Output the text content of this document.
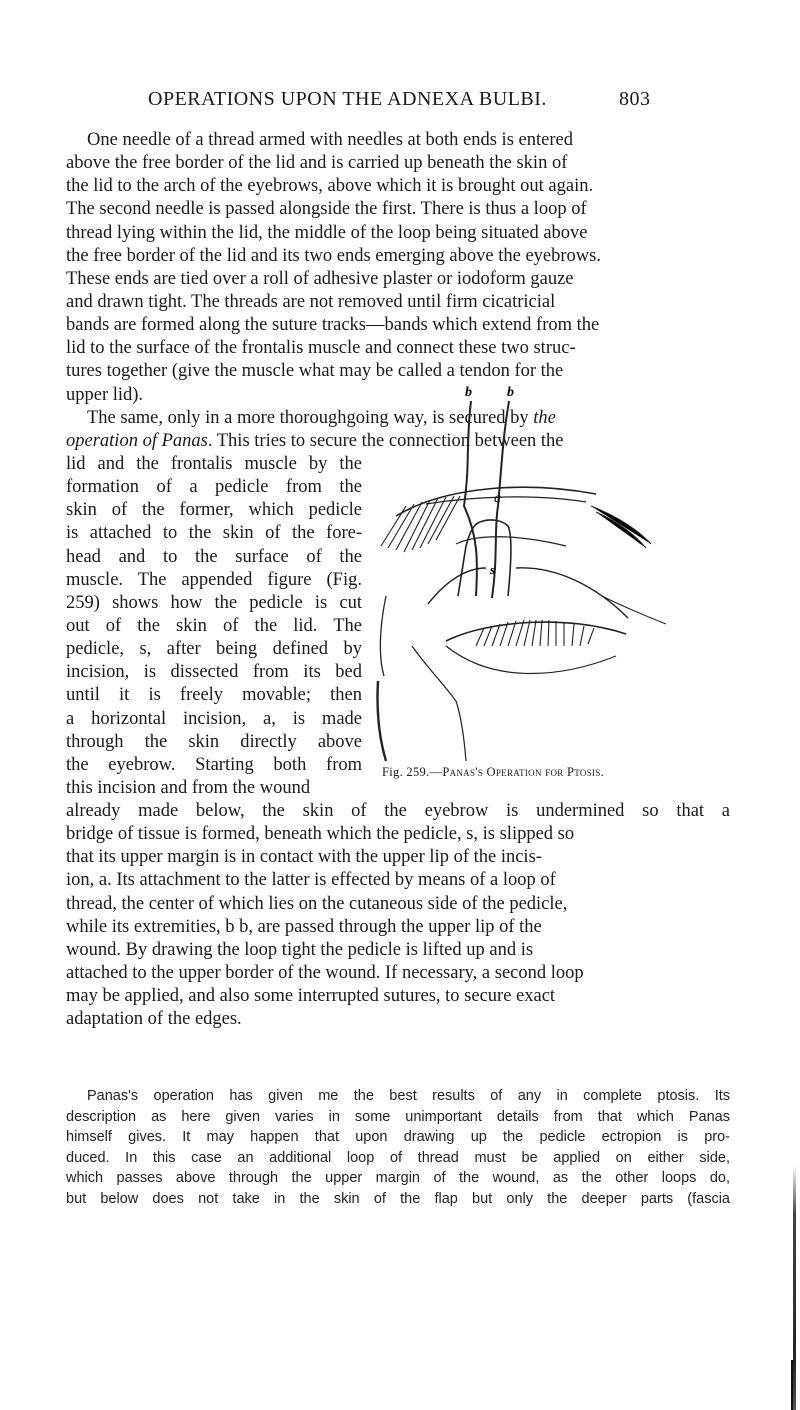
OPERATIONS UPON THE ADNEXA BULBI.	803
One needle of a thread armed with needles at both ends is entered
above the free border of the lid and is carried up beneath the skin of
the lid to the arch of the eyebrows, above which it is brought out again.
The second needle is passed alongside the first. There is thus a loop of
thread lying within the lid, the middle of the loop being situated above
the free border of the lid and its two ends emerging above the eyebrows.
These ends are tied over a roll of adhesive plaster or iodoform gauze
and drawn tight. The threads are not removed until firm cicatricial
bands are formed along the suture tracks—bands which extend from the
lid to the surface of the frontalis muscle and connect these two struc-
tures together (give the muscle what may be called a tendon for the
upper lid).
The same, only in a more thoroughgoing way, is secured by the
operation of Panas. This tries to secure the connection between the
lid and the frontalis muscle by the
formation of a pedicle from the
skin of the former, which pedicle
is attached to the skin of the fore-
head and to the surface of the
muscle. The appended figure (Fig.
259) shows how the pedicle is cut
out of the skin of the lid. The
pedicle, s, after being defined by
incision, is dissected from its bed
until it is freely movable; then
a horizontal incision, a, is made
through the skin directly above
the eyebrow. Starting both from
this incision and from the wound
b	b
a
s
Fig. 259.—Panas's Operation for Ptosis.
already made below, the skin of the eyebrow is undermined so that a
bridge of tissue is formed, beneath which the pedicle, s, is slipped so
that its upper margin is in contact with the upper lip of the incis-
ion, a. Its attachment to the latter is effected by means of a loop of
thread, the center of which lies on the cutaneous side of the pedicle,
while its extremities, b b, are passed through the upper lip of the
wound. By drawing the loop tight the pedicle is lifted up and is
attached to the upper border of the wound. If necessary, a second loop
may be applied, and also some interrupted sutures, to secure exact
adaptation of the edges.
Panas's operation has given me the best results of any in complete ptosis. Its
description as here given varies in some unimportant details from that which Panas
himself gives. It may happen that upon drawing up the pedicle ectropion is pro-
duced. In this case an additional loop of thread must be applied on either side,
which passes above through the upper margin of the wound, as the other loops do,
but below does not take in the skin of the flap but only the deeper parts (fascia
